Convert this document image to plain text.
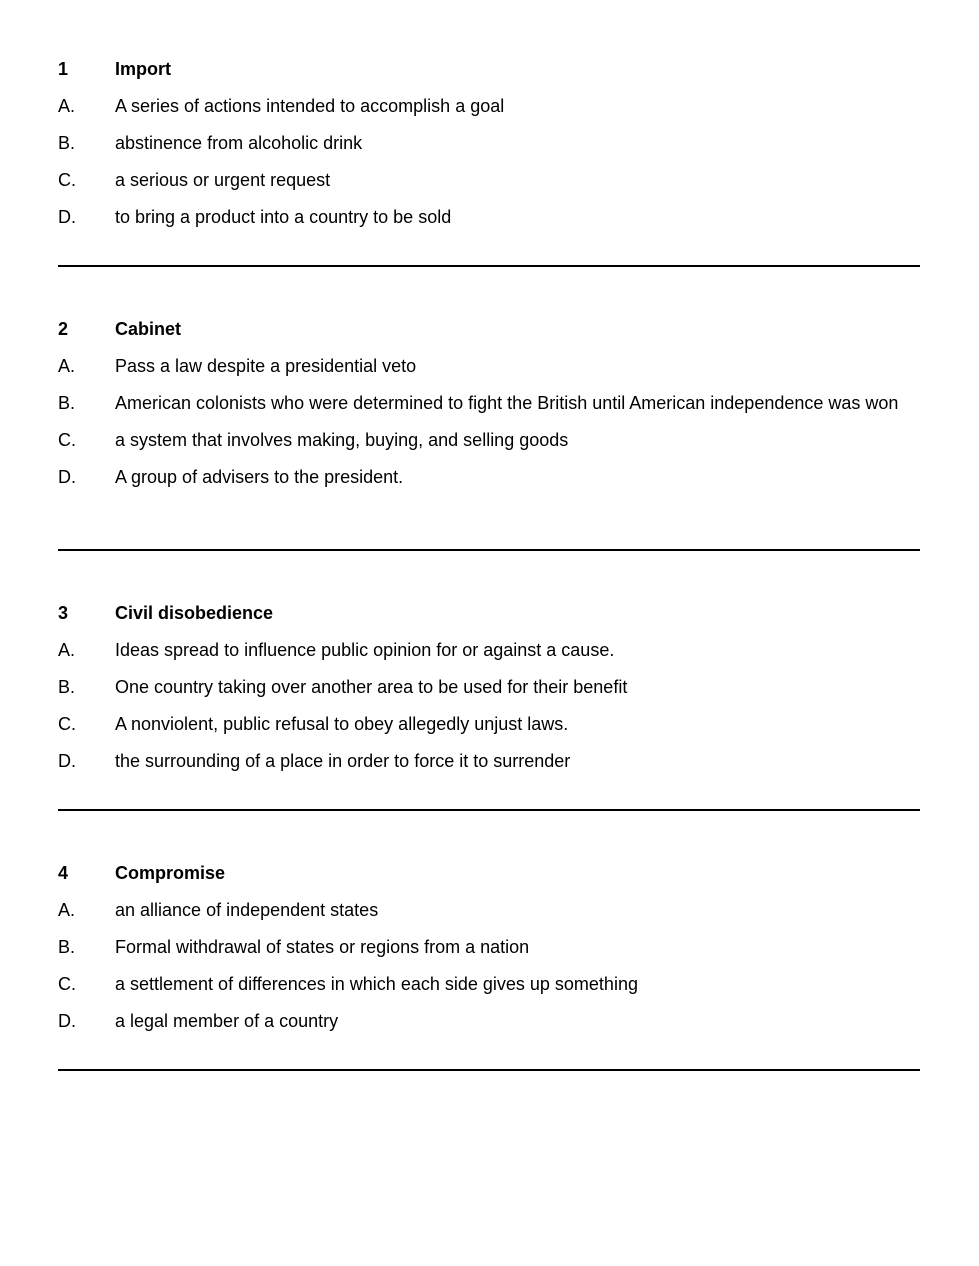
1	Import
A.	A series of actions intended to accomplish a goal
B.	abstinence from alcoholic drink
C.	a serious or urgent request
D.	to bring a product into a country to be sold
2	Cabinet
A.	Pass a law despite a presidential veto
B.	American colonists who were determined to fight the British until American independence was won
C.	a system that involves making, buying, and selling goods
D.	A group of advisers to the president.
3	Civil disobedience
A.	Ideas spread to influence public opinion for or against a cause.
B.	One country taking over another area to be used for their benefit
C.	A nonviolent, public refusal to obey allegedly unjust laws.
D.	the surrounding of a place in order to force it to surrender
4	Compromise
A.	an alliance of independent states
B.	Formal withdrawal of states or regions from a nation
C.	a settlement of differences in which each side gives up something
D.	a legal member of a country
